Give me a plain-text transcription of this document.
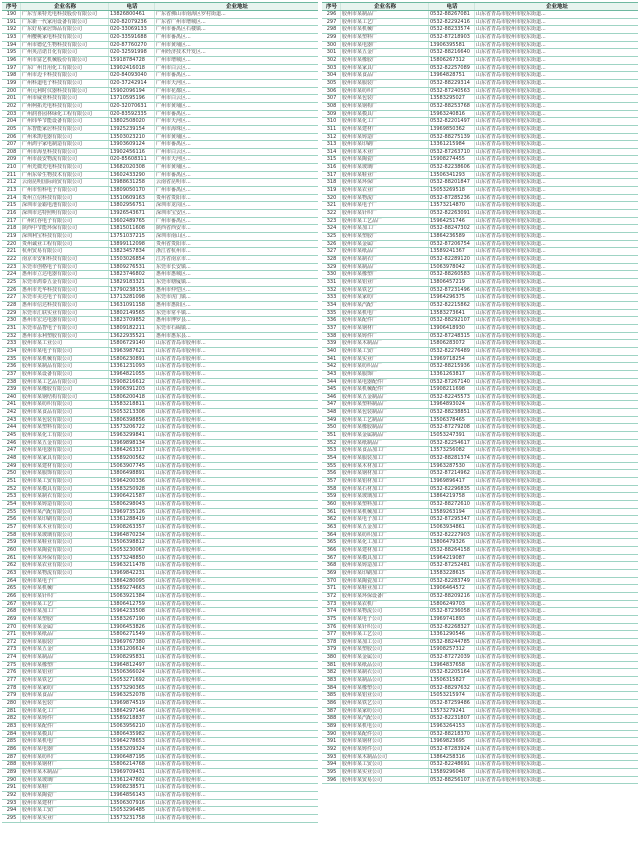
序号	企业名称	电话	企业地址
190	广东雪莱特光电科技股份有限公司	13826800461	广东省佛山市南海区罗村街道...
191	广东新一代家用设备有限公司	020-82079236	广东省广州市增城区...
192	广东好易家居饰品有限公司	020-33069133	广州市番禺区石楼镇...
193	广州樱桃家电科技有限公司	020-33591688	广州市番禺区...
194	广州市德亿生物科技有限公司	020-87760270	广州市黄埔区...
195	广州英洁诺日化有限公司	020-32591998	广州经济技术开发区...
196	广州市富艺机械股份有限公司	15918784728	广州市增城区...
197	广东广州日用化工有限公司	13902416018	广州市白云区...
198	广州市迈卡科技有限公司	020-84093040	广州市番禺区...
199	广州科道电子科技有限公司	020-37242914	广州市天河区...
200	广州元利时仪器科技有限公司	15902096194	广州市花都区...
201	广州市威亚科技有限公司	13710595196	广州市白云区...
202	广州柯拓光电科技有限公司	020-32070631	广州市黄埔区...
203	广州润喜园林绿化工程有限公司	020-83592335	广州市番禺区...
204	广州纬华节能设备有限公司	13802508020	广州市天河区...
205	广东智能家居科技有限公司	13925239154	广州市海珠区...
206	广州米凯电器有限公司	13503023210	广州市黄埔区...
207	广州鸿宇家电制造有限公司	13903609124	广州市番禺区...
208	广州市海皇科技有限公司	13902456116	广州市白云区...
209	广州市晨安物流有限公司	020-85608311	广州市天河区...
210	广州光微光电科技有限公司	13682020308	广州市黄埔区...
211	广州东帝生物技术有限公司	13602433290	广州市番禺区...
212	云南昆明国际商贸有限公司	13988631258	云南省昆明市...
213	广州市恒科电子有限公司	13809050170	广州市番禺区...
214	贵州立信科技有限公司	13510609163	贵州省贵阳市...
215	深圳市金霸电池有限公司	13802956751	深圳市龙岗区...
216	深圳市达特照明有限公司	13926543671	深圳市宝安区...
217	广州红谷电子有限公司	13602489765	广州市番禺区...
218	陕西中节能环保有限公司	13815011608	陕西省西安市...
219	深圳利宝科技有限公司	13751037215	深圳市南山区...
220	贵州诚业工程有限公司	13899112098	贵州省贵阳市...
221	杭州贸易有限公司	13823457834	浙江省杭州市...
222	南京市安和科技有限公司	13503026854	江苏省南京市...
223	东莞市创格电子有限公司	13809276531	东莞市长安镇...
224	惠州市立达电器有限公司	13823746802	惠州市惠城区...
225	东莞市鸿泰五金有限公司	13829183321	东莞市塘厦镇...
226	惠州市光华科技有限公司	13790238155	惠州市仲恺区...
227	东莞市美达电子有限公司	13713281098	东莞市虎门镇...
228	惠州市信达科技有限公司	13631091158	惠州市惠阳区...
229	东莞市汇联实业有限公司	13802149565	东莞市常平镇...
230	惠州市宏达电器有限公司	13823709852	惠州市博罗县...
231	东莞市晶智电子有限公司	13809182211	东莞市石碣镇...
232	惠州市永利塑胶有限公司	13622935521	惠州市惠东县...
233	胶州市某工业公司	15806729140	山东省青岛市胶州市...
234	胶州市某电子有限公司	13963987621	山东省青岛市胶州市...
235	胶州市某机械有限公司	15806230891	山东省青岛市胶州市...
236	胶州市某制品有限公司	13361231093	山东省青岛市胶州市...
237	胶州市某设备有限公司	13964821055	山东省青岛市胶州市...
238	胶州市某工艺品有限公司	15908216612	山东省青岛市胶州市...
239	胶州市某橡胶有限公司	13906391203	山东省青岛市胶州市...
240	胶州市某钢结构有限公司	15806200418	山东省青岛市胶州市...
241	胶州市某纺织有限公司	13583218811	山东省青岛市胶州市...
242	胶州市某食品有限公司	15053213308	山东省青岛市胶州市...
243	胶州市某包装有限公司	13806398856	山东省青岛市胶州市...
244	胶州市某塑料有限公司	13573206722	山东省青岛市胶州市...
245	胶州市某化工有限公司	15963299841	山东省青岛市胶州市...
246	胶州市某五金有限公司	13969898134	山东省青岛市胶州市...
247	胶州市某电器有限公司	13864263317	山东省青岛市胶州市...
248	胶州市某家具有限公司	13589200562	山东省青岛市胶州市...
249	胶州市某建材有限公司	15063907745	山东省青岛市胶州市...
250	胶州市某服饰有限公司	13806498891	山东省青岛市胶州市...
251	胶州市某工贸有限公司	15964200336	山东省青岛市胶州市...
252	胶州市某模具有限公司	13583250928	山东省青岛市胶州市...
253	胶州市某制衣有限公司	13906421587	山东省青岛市胶州市...
254	胶州市某铸造有限公司	15806298043	山东省青岛市胶州市...
255	胶州市某汽配有限公司	13969735126	山东省青岛市胶州市...
256	胶州市某印刷有限公司	13361288419	山东省青岛市胶州市...
257	胶州市某木业有限公司	15908263357	山东省青岛市胶州市...
258	胶州市某玻璃有限公司	13964870234	山东省青岛市胶州市...
259	胶州市某鞋业有限公司	13506398812	山东省青岛市胶州市...
260	胶州市某陶瓷有限公司	15053230067	山东省青岛市胶州市...
261	胶州市某环保有限公司	13573248850	山东省青岛市胶州市...
262	胶州市某农业有限公司	15963211478	山东省青岛市胶州市...
263	胶州市某物流有限公司	13969842231	山东省青岛市胶州市...
264	胶州市某电子厂	13864280095	山东省青岛市胶州市...
265	胶州市某机械厂	13589274663	山东省青岛市胶州市...
266	胶州市某针织厂	15063921384	山东省青岛市胶州市...
267	胶州市某工艺厂	13806412759	山东省青岛市胶州市...
268	胶州市某加工厂	15964233508	山东省青岛市胶州市...
269	胶州市某塑胶厂	13583267190	山东省青岛市胶州市...
270	胶州市某金属厂	13906453826	山东省青岛市胶州市...
271	胶州市某纸品厂	15806271549	山东省青岛市胶州市...
272	胶州市某服装厂	13969767380	山东省青岛市胶州市...
273	胶州市某五金厂	13361206614	山东省青岛市胶州市...
274	胶州市某制品厂	15908295831	山东省青岛市胶州市...
275	胶州市某橡塑厂	13964812497	山东省青岛市胶州市...
276	胶州市某铝业厂	13506366024	山东省青岛市胶州市...
277	胶州市某铁艺厂	15053271692	山东省青岛市胶州市...
278	胶州市某家纺厂	13573290365	山东省青岛市胶州市...
279	胶州市某食品厂	15963252078	山东省青岛市胶州市...
280	胶州市某包装厂	13969874519	山东省青岛市胶州市...
281	胶州市某化工厂	13864297146	山东省青岛市胶州市...
282	胶州市某铸件厂	13589218837	山东省青岛市胶州市...
283	胶州市某配件厂	15063956210	山东省青岛市胶州市...
284	胶州市某模具厂	13806435982	山东省青岛市胶州市...
285	胶州市某机电厂	15964278653	山东省青岛市胶州市...
286	胶州市某电器厂	13583209324	山东省青岛市胶州市...
287	胶州市某纺织厂	13906487195	山东省青岛市胶州市...
288	胶州市某钢材厂	15806214768	山东省青岛市胶州市...
289	胶州市某木制品厂	13969709431	山东省青岛市胶州市...
290	胶州市某玻璃厂	13361247802	山东省青岛市胶州市...
291	胶州市某鞋厂	15908238571	山东省青岛市胶州市...
292	胶州市某陶瓷厂	13964856143	山东省青岛市胶州市...
293	胶州市某建材厂	13506307916	山东省青岛市胶州市...
294	胶州市某工贸厂	15053296485	山东省青岛市胶州市...
295	胶州市某实业厂	13573231758	山东省青岛市胶州市...
序号	企业名称	电话	企业地址
296	胶州市某制品厂	0532-88267081	山东省青岛市胶州市胶东街道...
297	胶州市某工艺厂	0532-82292416	山东省青岛市胶州市胶东街道...
298	胶州市某机械厂	0532-88233574	山东省青岛市胶州市胶东街道...
299	胶州市某塑料厂	0532-87218903	山东省青岛市胶州市胶东街道...
300	胶州市某电器厂	13906395581	山东省青岛市胶州市胶东街道...
301	胶州市某五金厂	0532-88216640	山东省青岛市胶州市胶东街道...
302	胶州市某橡胶厂	15806267312	山东省青岛市胶州市胶东街道...
303	胶州市某家具厂	0532-82257089	山东省青岛市胶州市胶东街道...
304	胶州市某食品厂	13964828751	山东省青岛市胶州市胶东街道...
305	胶州市某服装厂	0532-88229314	山东省青岛市胶州市胶东街道...
306	胶州市某纺织厂	0532-87240563	山东省青岛市胶州市胶东街道...
307	胶州市某包装厂	13583295027	山东省青岛市胶州市胶东街道...
308	胶州市某钢构厂	0532-88253768	山东省青岛市胶州市胶东街道...
309	胶州市某模具厂	15963240816	山东省青岛市胶州市胶东街道...
310	胶州市某化工厂	0532-82201497	山东省青岛市胶州市胶东街道...
311	胶州市某建材厂	13969850362	山东省青岛市胶州市胶东街道...
312	胶州市某铸造厂	0532-88275139	山东省青岛市胶州市胶东街道...
313	胶州市某印刷厂	13361215984	山东省青岛市胶州市胶东街道...
314	胶州市某木业厂	0532-87263710	山东省青岛市胶州市胶东街道...
315	胶州市某陶瓷厂	15908274455	山东省青岛市胶州市胶东街道...
316	胶州市某玻璃厂	0532-82238606	山东省青岛市胶州市胶东街道...
317	胶州市某鞋业厂	13506341293	山东省青岛市胶州市胶东街道...
318	胶州市某环保厂	0532-88201847	山东省青岛市胶州市胶东街道...
319	胶州市某农业厂	15053269518	山东省青岛市胶州市胶东街道...
320	胶州市某物流厂	0532-87285236	山东省青岛市胶州市胶东街道...
321	胶州市某电子厂	13573214870	山东省青岛市胶州市胶东街道...
322	胶州市某针织厂	0532-82263091	山东省青岛市胶州市胶东街道...
323	胶州市某工艺品厂	15964251746	山东省青岛市胶州市胶东街道...
324	胶州市某加工厂	0532-88247302	山东省青岛市胶州市胶东街道...
325	胶州市某塑胶厂	13864236589	山东省青岛市胶州市胶东街道...
326	胶州市某金属厂	0532-87206754	山东省青岛市胶州市胶东街道...
327	胶州市某纸品厂	13589241367	山东省青岛市胶州市胶东街道...
328	胶州市某制衣厂	0532-82289120	山东省青岛市胶州市胶东街道...
329	胶州市某制品厂	15063978042	山东省青岛市胶州市胶东街道...
330	胶州市某橡塑厂	0532-88260583	山东省青岛市胶州市胶东街道...
331	胶州市某铝业厂	13806457219	山东省青岛市胶州市胶东街道...
332	胶州市某铁艺厂	0532-87231496	山东省青岛市胶州市胶东街道...
333	胶州市某家纺厂	15964296375	山东省青岛市胶州市胶东街道...
334	胶州市某汽配厂	0532-82215862	山东省青岛市胶州市胶东街道...
335	胶州市某机电厂	13583273641	山东省青岛市胶州市胶东街道...
336	胶州市某配件厂	0532-88292107	山东省青岛市胶州市胶东街道...
337	胶州市某钢材厂	13906418930	山东省青岛市胶州市胶东街道...
338	胶州市某铸件厂	0532-87248315	山东省青岛市胶州市胶东街道...
339	胶州市某木制品厂	15806283072	山东省青岛市胶州市胶东街道...
340	胶州市某工贸厂	0532-82276489	山东省青岛市胶州市胶东街道...
341	胶州市某实业厂	13969718254	山东省青岛市胶州市胶东街道...
342	胶州市某纺织品厂	0532-88215936	山东省青岛市胶州市胶东街道...
343	胶州市某服饰厂	13361263817	山东省青岛市胶州市胶东街道...
344	胶州市某电器配件厂	0532-87267140	山东省青岛市胶州市胶东街道...
345	胶州市某机械配件厂	15908211698	山东省青岛市胶州市胶东街道...
346	胶州市某五金制品厂	0532-82245573	山东省青岛市胶州市胶东街道...
347	胶州市某塑料制品厂	13964893024	山东省青岛市胶州市胶东街道...
348	胶州市某包装制品厂	0532-88238851	山东省青岛市胶州市胶东街道...
349	胶州市某工艺制品厂	13506378465	山东省青岛市胶州市胶东街道...
350	胶州市某橡胶制品厂	0532-87279208	山东省青岛市胶州市胶东街道...
351	胶州市某金属制品厂	15053247391	山东省青岛市胶州市胶东街道...
352	胶州市某纸制品厂	0532-82254617	山东省青岛市胶州市胶东街道...
353	胶州市某食品加工厂	13573256082	山东省青岛市胶州市胶东街道...
354	胶州市某服装加工厂	0532-88281374	山东省青岛市胶州市胶东街道...
355	胶州市某木材加工厂	15963287530	山东省青岛市胶州市胶东街道...
356	胶州市某钢材加工厂	0532-87214962	山东省青岛市胶州市胶东街道...
357	胶州市某铝材加工厂	13969896417	山东省青岛市胶州市胶东街道...
358	胶州市某石材加工厂	0532-82296835	山东省青岛市胶州市胶东街道...
359	胶州市某玻璃加工厂	13864219758	山东省青岛市胶州市胶东街道...
360	胶州市某塑料加工厂	0532-88272610	山东省青岛市胶州市胶东街道...
361	胶州市某机械加工厂	13589263194	山东省青岛市胶州市胶东街道...
362	胶州市某电子加工厂	0532-87295347	山东省青岛市胶州市胶东街道...
363	胶州市某五金加工厂	15063934861	山东省青岛市胶州市胶东街道...
364	胶州市某纺织加工厂	0532-82227903	山东省青岛市胶州市胶东街道...
365	胶州市某化工加工厂	13806479326	山东省青岛市胶州市胶东街道...
366	胶州市某建材加工厂	0532-88264158	山东省青岛市胶州市胶东街道...
367	胶州市某模具加工厂	15964219087	山东省青岛市胶州市胶东街道...
368	胶州市某铸造加工厂	0532-87252481	山东省青岛市胶州市胶东街道...
369	胶州市某印刷加工厂	13583228615	山东省青岛市胶州市胶东街道...
370	胶州市某陶瓷加工厂	0532-82283749	山东省青岛市胶州市胶东街道...
371	胶州市某鞋业加工厂	13906464572	山东省青岛市胶州市胶东街道...
372	胶州市某环保设备厂	0532-88209216	山东省青岛市胶州市胶东街道...
373	胶州市某农机厂	15806249703	山东省青岛市胶州市胶东街道...
374	胶州市某物流公司	0532-87236058	山东省青岛市胶州市胶东街道...
375	胶州市某电子公司	13969741893	山东省青岛市胶州市胶东街道...
376	胶州市某针织公司	0532-82268327	山东省青岛市胶州市胶东街道...
377	胶州市某工艺公司	13361290546	山东省青岛市胶州市胶东街道...
378	胶州市某加工公司	0532-88244785	山东省青岛市胶州市胶东街道...
379	胶州市某塑胶公司	15908257312	山东省青岛市胶州市胶东街道...
380	胶州市某金属公司	0532-87272039	山东省青岛市胶州市胶东街道...
381	胶州市某纸品公司	13964837658	山东省青岛市胶州市胶东街道...
382	胶州市某制衣公司	0532-82205164	山东省青岛市胶州市胶东街道...
383	胶州市某制品公司	13506315827	山东省青岛市胶州市胶东街道...
384	胶州市某橡塑公司	0532-88297632	山东省青岛市胶州市胶东街道...
385	胶州市某铝业公司	15053215974	山东省青岛市胶州市胶东街道...
386	胶州市某铁艺公司	0532-87259486	山东省青岛市胶州市胶东街道...
387	胶州市某家纺公司	13573279241	山东省青岛市胶州市胶东街道...
388	胶州市某汽配公司	0532-82231807	山东省青岛市胶州市胶东街道...
389	胶州市某机电公司	15963264153	山东省青岛市胶州市胶东街道...
390	胶州市某配件公司	0532-88218370	山东省青岛市胶州市胶东街道...
391	胶州市某钢材公司	13969823695	山东省青岛市胶州市胶东街道...
392	胶州市某铸件公司	0532-87283924	山东省青岛市胶州市胶东街道...
393	胶州市某木制品公司	13864258316	山东省青岛市胶州市胶东街道...
394	胶州市某工贸公司	0532-82248691	山东省青岛市胶州市胶东街道...
395	胶州市某实业公司	13589296048	山东省青岛市胶州市胶东街道...
396	胶州市某贸易公司	0532-88256107	山东省青岛市胶州市胶东街道...
